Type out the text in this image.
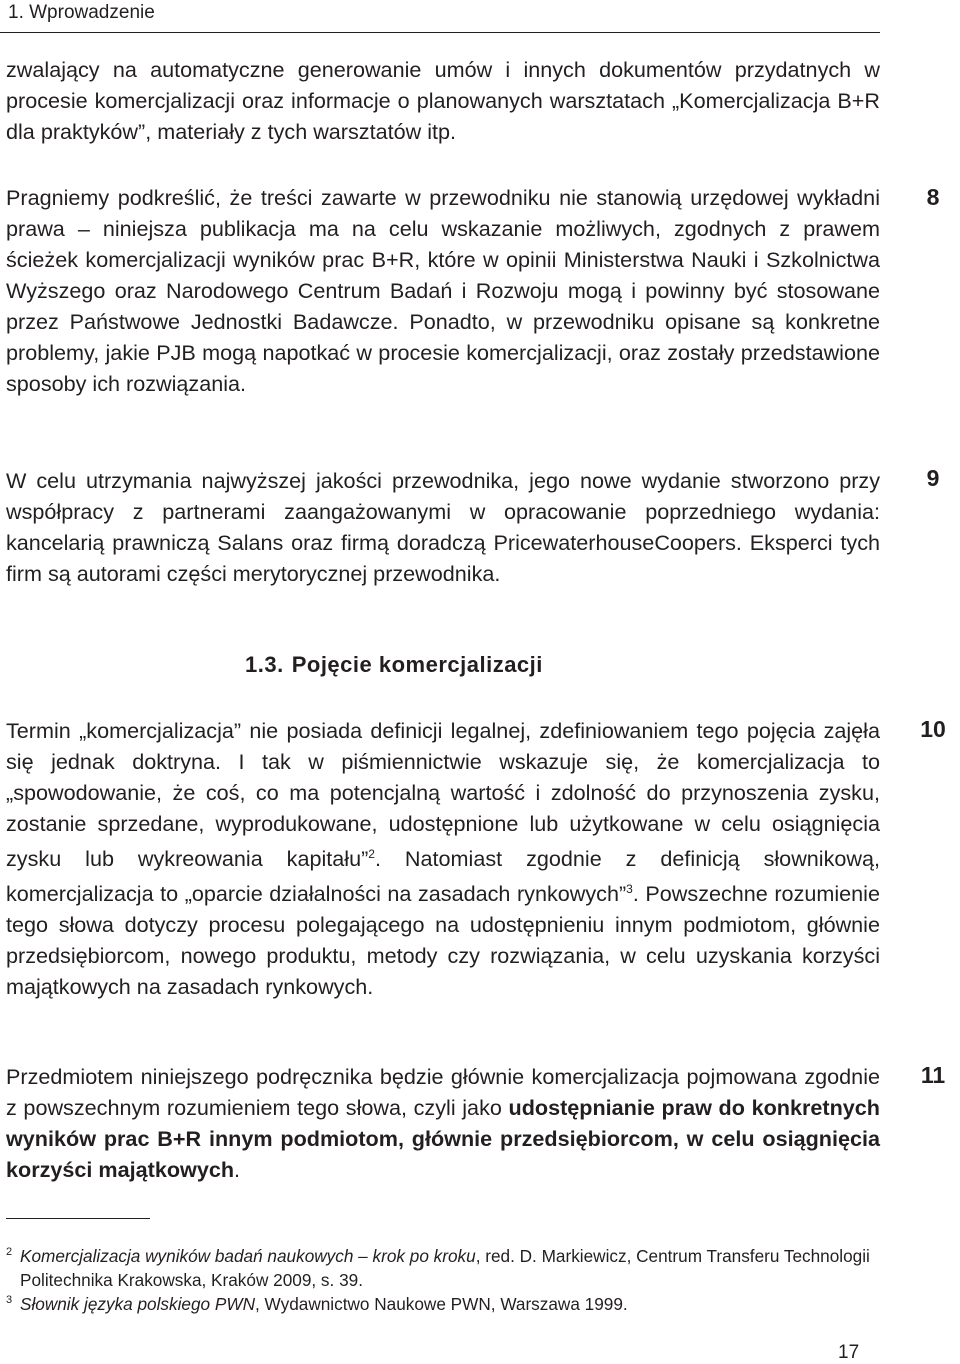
1. Wprowadzenie

zwalający na automatyczne generowanie umów i innych dokumentów przydatnych w procesie komercjalizacji oraz informacje o planowanych warsztatach „Komercjalizacja B+R dla praktyków”, materiały z tych warsztatów itp.

Pragniemy podkreślić, że treści zawarte w przewodniku nie stanowią urzędowej wykładni prawa – niniejsza publikacja ma na celu wskazanie możliwych, zgodnych z prawem ścieżek komercjalizacji wyników prac B+R, które w opinii Ministerstwa Nauki i Szkolnictwa Wyższego oraz Narodowego Centrum Badań i Rozwoju mogą i powinny być stosowane przez Państwowe Jednostki Badawcze. Ponadto, w przewodniku opisane są konkretne problemy, jakie PJB mogą napotkać w procesie komercjalizacji, oraz zostały przedstawione sposoby ich rozwiązania.

W celu utrzymania najwyższej jakości przewodnika, jego nowe wydanie stworzono przy współpracy z partnerami zaangażowanymi w opracowanie poprzedniego wydania: kancelarią prawniczą Salans oraz firmą doradczą PricewaterhouseCoopers. Eksperci tych firm są autorami części merytorycznej przewodnika.

1.3. Pojęcie komercjalizacji

Termin „komercjalizacja” nie posiada definicji legalnej, zdefiniowaniem tego pojęcia zajęła się jednak doktryna. I tak w piśmiennictwie wskazuje się, że komercjalizacja to „spowodowanie, że coś, co ma potencjalną wartość i zdolność do przynoszenia zysku, zostanie sprzedane, wyprodukowane, udostępnione lub użytkowane w celu osiągnięcia zysku lub wykreowania kapitału”$^2$. Natomiast zgodnie z definicją słownikową, komercjalizacja to „oparcie działalności na zasadach rynkowych”$^3$. Powszechne rozumienie tego słowa dotyczy procesu polegającego na udostępnieniu innym podmiotom, głównie przedsiębiorcom, nowego produktu, metody czy rozwiązania, w celu uzyskania korzyści majątkowych na zasadach rynkowych.

Przedmiotem niniejszego podręcznika będzie głównie komercjalizacja pojmowana zgodnie z powszechnym rozumieniem tego słowa, czyli jako udostępnianie praw do konkretnych wyników prac B+R innym podmiotom, głównie przedsiębiorcom, w celu osiągnięcia korzyści majątkowych.

8
9
10
11

2 Komercjalizacja wyników badań naukowych – krok po kroku, red. D. Markiewicz, Centrum Transferu Technologii Politechnika Krakowska, Kraków 2009, s. 39.

3 Słownik języka polskiego PWN, Wydawnictwo Naukowe PWN, Warszawa 1999.

17
